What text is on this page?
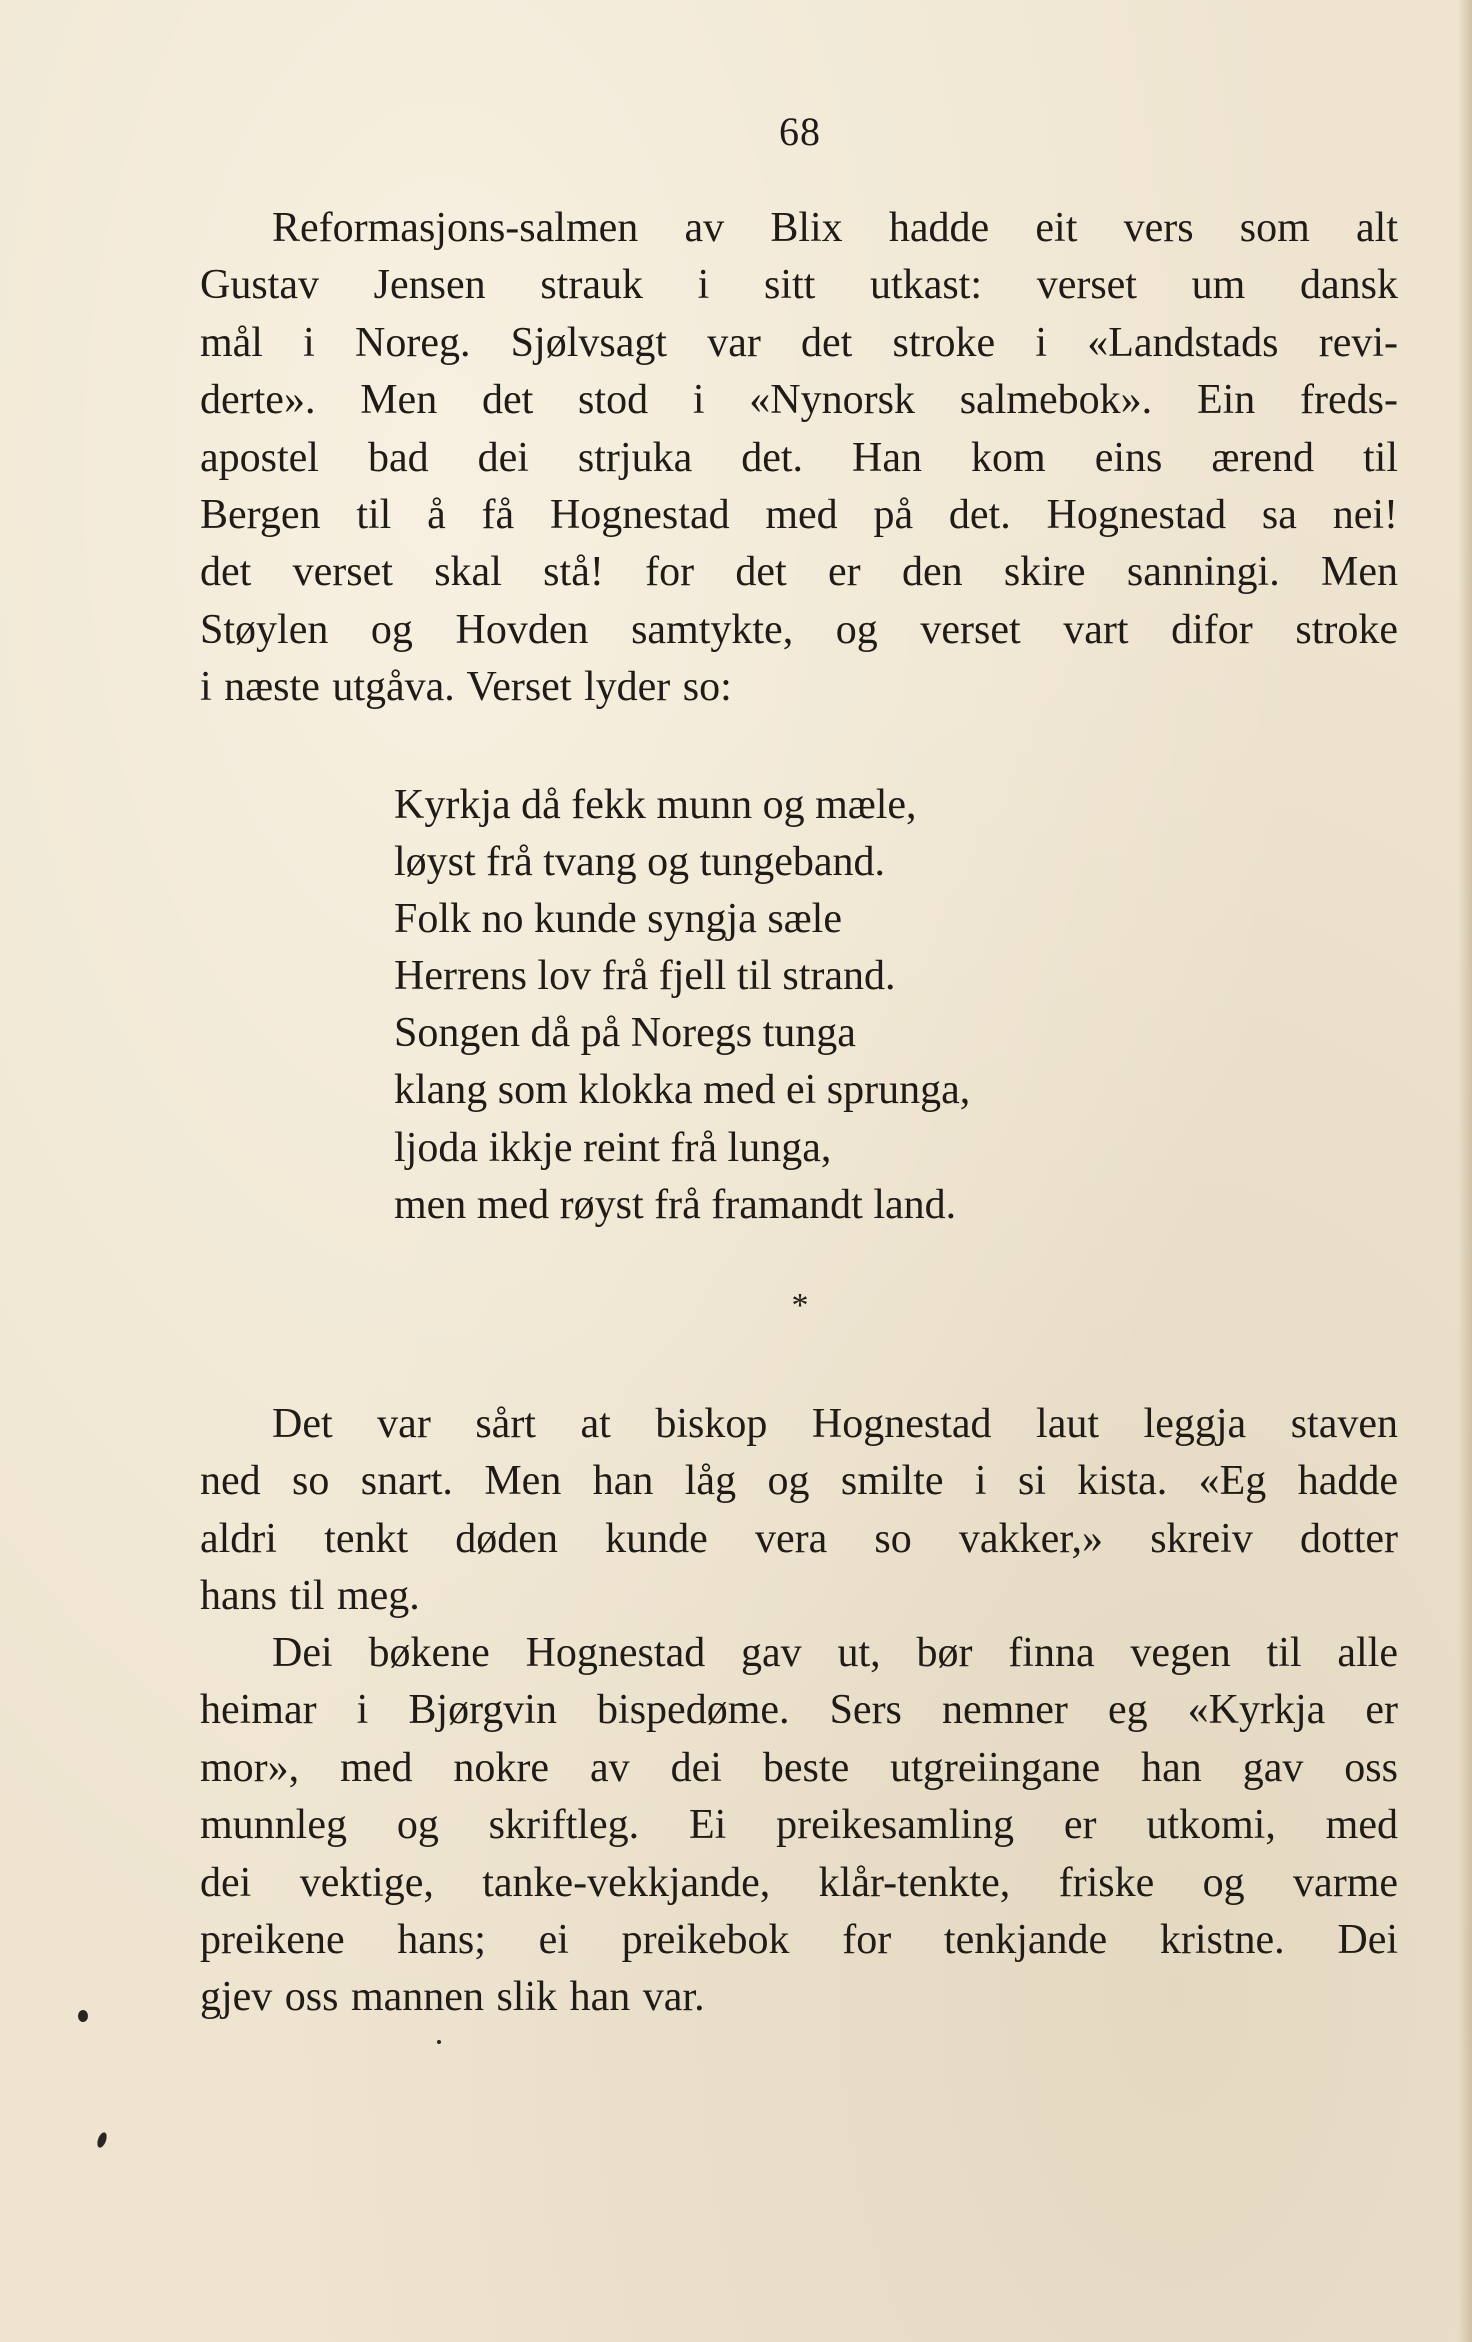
68

Reformasjons-salmen av Blix hadde eit vers som alt
Gustav Jensen strauk i sitt utkast: verset um dansk
mål i Noreg. Sjølvsagt var det stroke i «Landstads revi-
derte». Men det stod i «Nynorsk salmebok». Ein freds-
apostel bad dei strjuka det. Han kom eins ærend til
Bergen til å få Hognestad med på det. Hognestad sa nei!
det verset skal stå! for det er den skire sanningi. Men
Støylen og Hovden samtykte, og verset vart difor stroke
i næste utgåva. Verset lyder so:

Kyrkja då fekk munn og mæle,
løyst frå tvang og tungeband.
Folk no kunde syngja sæle
Herrens lov frå fjell til strand.
Songen då på Noregs tunga
klang som klokka med ei sprunga,
ljoda ikkje reint frå lunga,
men med røyst frå framandt land.
*

Det var sårt at biskop Hognestad laut leggja staven
ned so snart. Men han låg og smilte i si kista. «Eg hadde
aldri tenkt døden kunde vera so vakker,» skreiv dotter
hans til meg.

Dei bøkene Hognestad gav ut, bør finna vegen til alle
heimar i Bjørgvin bispedøme. Sers nemner eg «Kyrkja er
mor», med nokre av dei beste utgreiingane han gav oss
munnleg og skriftleg. Ei preikesamling er utkomi, med
dei vektige, tanke-vekkjande, klår-tenkte, friske og varme
preikene hans; ei preikebok for tenkjande kristne. Dei
gjev oss mannen slik han var.
